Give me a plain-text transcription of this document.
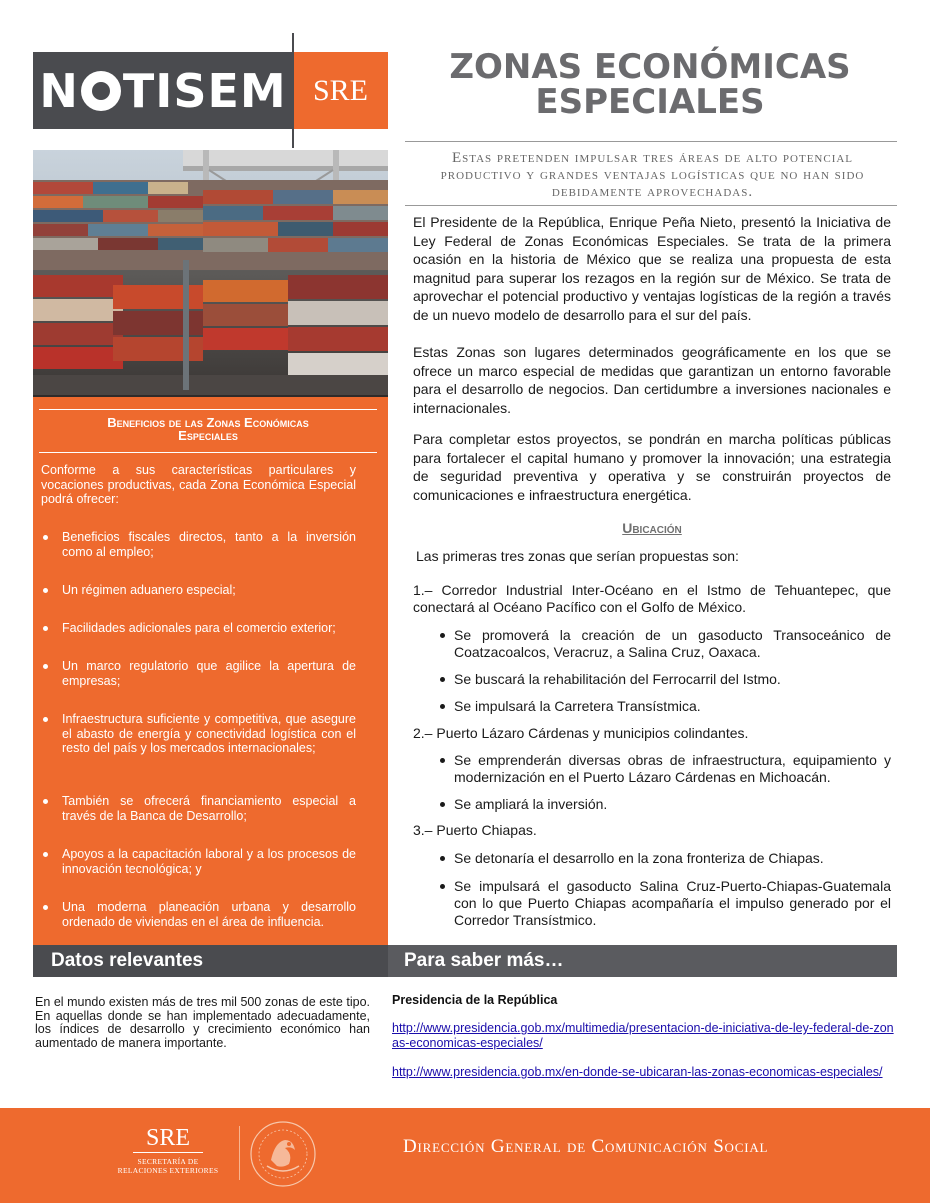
N TISEM SRE
ZONAS ECONÓMICAS
ESPECIALES
Estas pretenden impulsar tres áreas de alto potencial productivo y grandes ventajas logísticas que no han sido debidamente aprovechadas.
Beneficios de las Zonas Económicas
Especiales
Conforme a sus características particulares y vocaciones productivas, cada Zona Económica Especial podrá ofrecer:
Beneficios fiscales directos, tanto a la inversión como al empleo;
Un régimen aduanero especial;
Facilidades adicionales para el comercio exterior;
Un marco regulatorio que agilice la apertura de empresas;
Infraestructura suficiente y competitiva, que asegure el abasto de energía y conectividad logística con el resto del país y los mercados internacionales;
También se ofrecerá financiamiento especial a través de la Banca de Desarrollo;
Apoyos a la capacitación laboral y a los procesos de innovación tecnológica; y
Una moderna planeación urbana y desarrollo ordenado de viviendas en el área de influencia.

El Presidente de la República, Enrique Peña Nieto, presentó la Iniciativa de Ley Federal de Zonas Económicas Especiales. Se trata de la primera ocasión en la historia de México que se realiza una propuesta de esta magnitud para superar los rezagos en la región sur de México. Se trata de aprovechar el potencial productivo y ventajas logísticas de la región a través de un nuevo modelo de desarrollo para el sur del país.

Estas Zonas son lugares determinados geográficamente en los que se ofrece un marco especial de medidas que garantizan un entorno favorable para el desarrollo de negocios. Dan certidumbre a inversiones nacionales e internacionales.

Para completar estos proyectos, se pondrán en marcha políticas públicas para fortalecer el capital humano y promover la innovación; una estrategia de seguridad preventiva y operativa y se construirán proyectos de comunicaciones e infraestructura energética.

Ubicación
Las primeras tres zonas que serían propuestas son:
1.– Corredor Industrial Inter-Océano en el Istmo de Tehuantepec, que conectará al Océano Pacífico con el Golfo de México.
Se promoverá la creación de un gasoducto Transoceánico de Coatzacoalcos, Veracruz, a Salina Cruz, Oaxaca.
Se buscará la rehabilitación del Ferrocarril del Istmo.
Se impulsará la Carretera Transístmica.
2.– Puerto Lázaro Cárdenas y municipios colindantes.
Se emprenderán diversas obras de infraestructura, equipamiento y modernización en el Puerto Lázaro Cárdenas en Michoacán.
Se ampliará la inversión.
3.– Puerto Chiapas.
Se detonaría el desarrollo en la zona fronteriza de Chiapas.
Se impulsará el gasoducto Salina Cruz-Puerto-Chiapas-Guatemala con lo que Puerto Chiapas acompañaría el impulso generado por el Corredor Transístmico.
Datos relevantes	Para saber más…
En el mundo existen más de tres mil 500 zonas de este tipo. En aquellas donde se han implementado adecuadamente, los índices de desarrollo y crecimiento económico han aumentado de manera importante.
Presidencia de la República
http://www.presidencia.gob.mx/multimedia/presentacion-de-iniciativa-de-ley-federal-de-zonas-economicas-especiales/
http://www.presidencia.gob.mx/en-donde-se-ubicaran-las-zonas-economicas-especiales/
SRE
SECRETARÍA DE
RELACIONES EXTERIORES
Dirección General de Comunicación Social
